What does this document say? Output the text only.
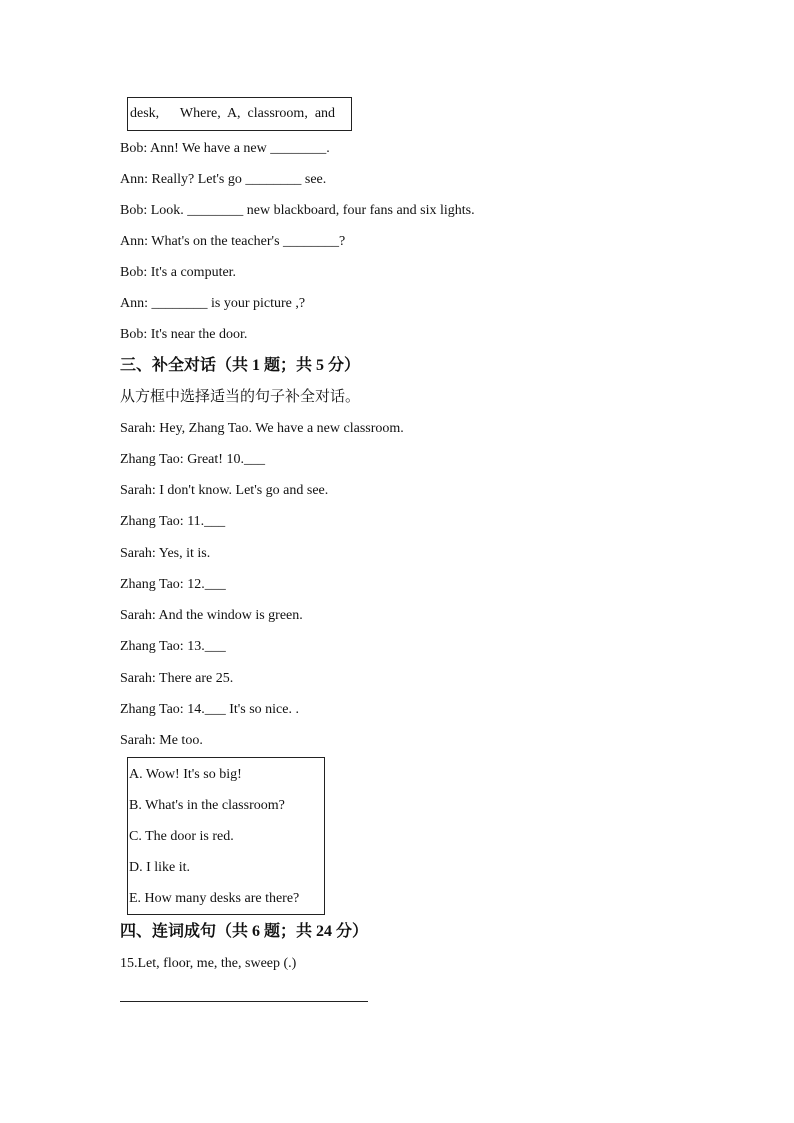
desk,      Where,  A,  classroom,  and
Bob: Ann! We have a new ________.
Ann: Really? Let's go ________ see.
Bob: Look. ________ new blackboard, four fans and six lights.
Ann: What's on the teacher's ________?
Bob: It's a computer.
Ann: ________ is your picture ,?
Bob: It's near the door.
三、补全对话（共 1 题；共 5 分）
从方框中选择适当的句子补全对话。
Sarah: Hey, Zhang Tao. We have a new classroom.
Zhang Tao: Great! 10.___
Sarah: I don't know. Let's go and see.
Zhang Tao: 11.___
Sarah: Yes, it is.
Zhang Tao: 12.___
Sarah: And the window is green.
Zhang Tao: 13.___
Sarah: There are 25.
Zhang Tao: 14.___ It's so nice. .
Sarah: Me too.
A. Wow! It's so big!
B. What's in the classroom?
C. The door is red.
D. I like it.
E. How many desks are there?
四、连词成句（共 6 题；共 24 分）
15.Let, floor, me, the, sweep (.)
